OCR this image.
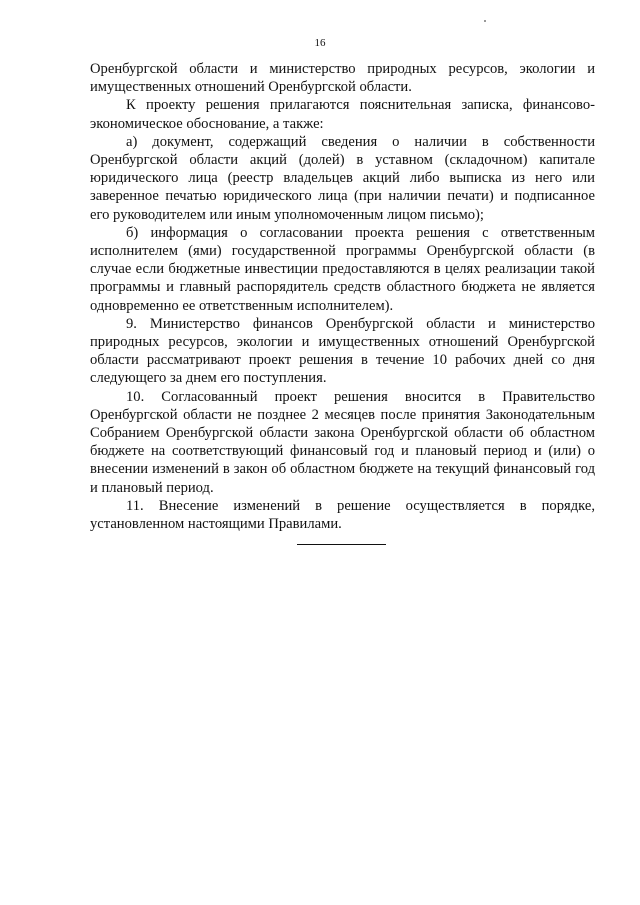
16

Оренбургской области и министерство природных ресурсов, экологии и имущественных отношений Оренбургской области.

К проекту решения прилагаются пояснительная записка, финансово-экономическое обоснование, а также:

а) документ, содержащий сведения о наличии в собственности Оренбургской области акций (долей) в уставном (складочном) капитале юридического лица (реестр владельцев акций либо выписка из него или заверенное печатью юридического лица (при наличии печати) и подписанное его руководителем или иным уполномоченным лицом письмо);

б) информация о согласовании проекта решения с ответственным исполнителем (ями) государственной программы Оренбургской области (в случае если бюджетные инвестиции предоставляются в целях реализации такой программы и главный распорядитель средств областного бюджета не является одновременно ее ответственным исполнителем).

9. Министерство финансов Оренбургской области и министерство природных ресурсов, экологии и имущественных отношений Оренбургской области рассматривают проект решения в течение 10 рабочих дней со дня следующего за днем его поступления.

10. Согласованный проект решения вносится в Правительство Оренбургской области не позднее 2 месяцев после принятия Законодательным Собранием Оренбургской области закона Оренбургской области об областном бюджете на соответствующий финансовый год и плановый период и (или) о внесении изменений в закон об областном бюджете на текущий финансовый год и плановый период.

11. Внесение изменений в решение осуществляется в порядке, установленном настоящими Правилами.
